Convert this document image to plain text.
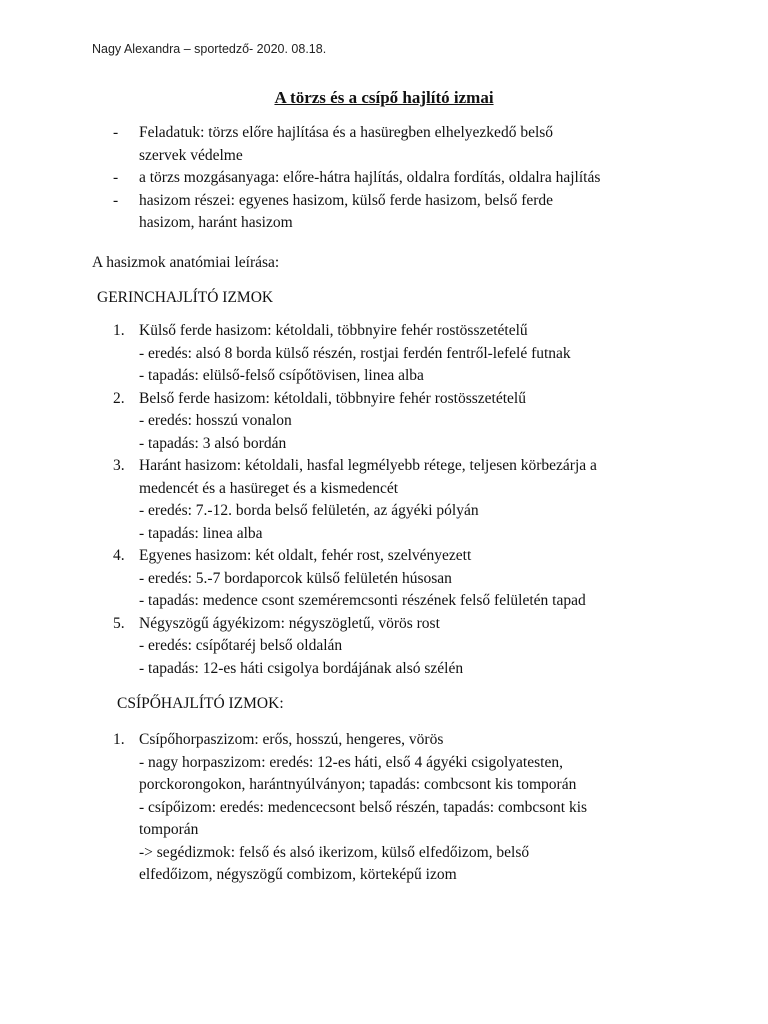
Nagy Alexandra – sportedző- 2020. 08.18.
A törzs és a csípő hajlító izmai
- Feladatuk: törzs előre hajlítása és a hasüregben elhelyezkedő belső
szervek védelme
- a törzs mozgásanyaga: előre-hátra hajlítás, oldalra fordítás, oldalra hajlítás
- hasizom részei: egyenes hasizom, külső ferde hasizom, belső ferde
hasizom, haránt hasizom
A hasizmok anatómiai leírása:
GERINCHAJLÍTÓ IZMOK
1. Külső ferde hasizom: kétoldali, többnyire fehér rostösszetételű
- eredés: alsó 8 borda külső részén, rostjai ferdén fentről-lefelé futnak
- tapadás: elülső-felső csípőtövisen, linea alba
2. Belső ferde hasizom: kétoldali, többnyire fehér rostösszetételű
- eredés: hosszú vonalon
- tapadás: 3 alsó bordán
3. Haránt hasizom: kétoldali, hasfal legmélyebb rétege, teljesen körbezárja a
medencét és a hasüreget és a kismedencét
- eredés: 7.-12. borda belső felületén, az ágyéki pólyán
- tapadás: linea alba
4. Egyenes hasizom: két oldalt, fehér rost, szelvényezett
- eredés: 5.-7 bordaporcok külső felületén húsosan
- tapadás: medence csont szeméremcsonti részének felső felületén tapad
5. Négyszögű ágyékizom: négyszögletű, vörös rost
- eredés: csípőtaréj belső oldalán
- tapadás: 12-es háti csigolya bordájának alsó szélén
CSÍPŐHAJLÍTÓ IZMOK:
1. Csípőhorpaszizom: erős, hosszú, hengeres, vörös
- nagy horpaszizom: eredés: 12-es háti, első 4 ágyéki csigolyatesten,
porckorongokon, harántnyúlványon; tapadás: combcsont kis tomporán
- csípőizom: eredés: medencecsont belső részén, tapadás: combcsont kis
tomporán
-> segédizmok: felső és alsó ikerizom, külső elfedőizom, belső
elfedőizom, négyszögű combizom, körteképű izom
